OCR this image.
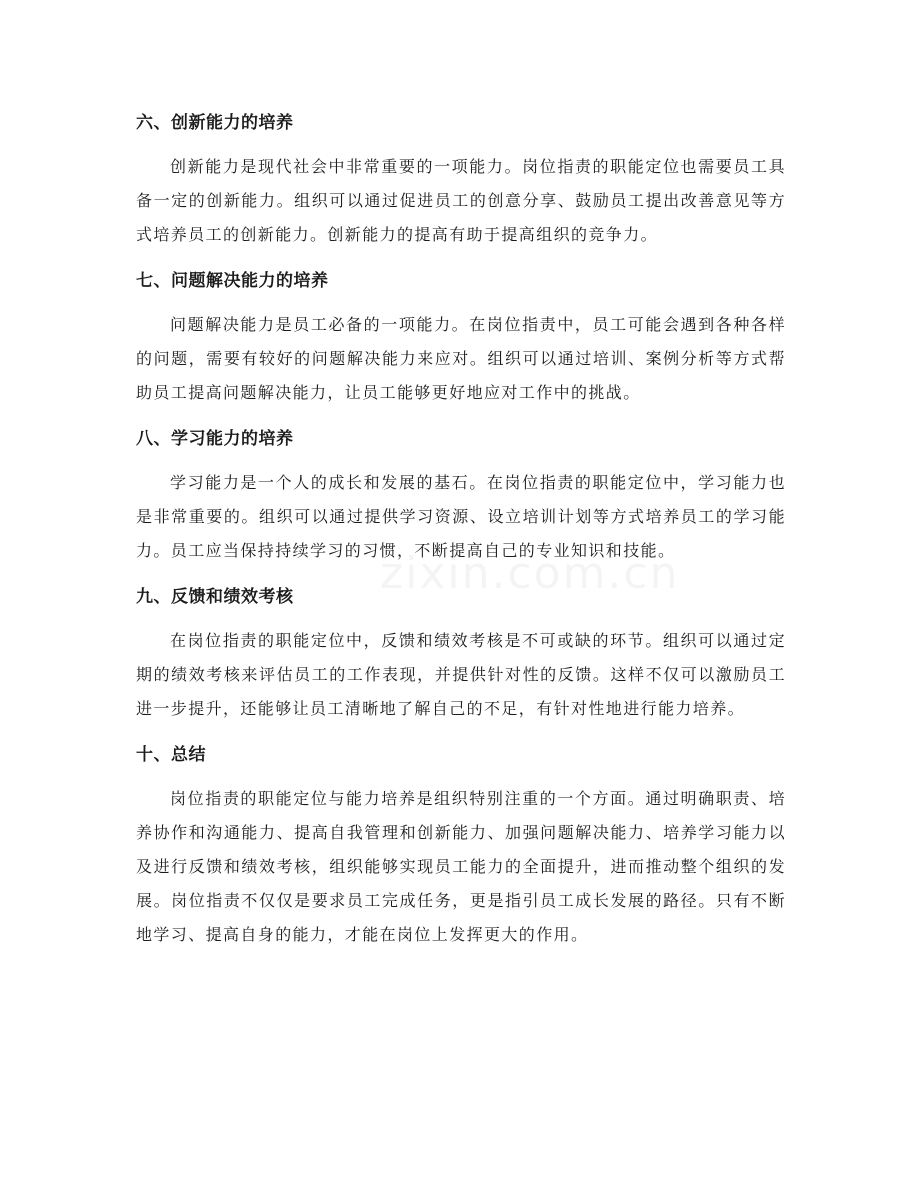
六、创新能力的培养

创新能力是现代社会中非常重要的一项能力。岗位指责的职能定位也需要员工具备一定的创新能力。组织可以通过促进员工的创意分享、鼓励员工提出改善意见等方式培养员工的创新能力。创新能力的提高有助于提高组织的竞争力。

七、问题解决能力的培养

问题解决能力是员工必备的一项能力。在岗位指责中，员工可能会遇到各种各样的问题，需要有较好的问题解决能力来应对。组织可以通过培训、案例分析等方式帮助员工提高问题解决能力，让员工能够更好地应对工作中的挑战。

八、学习能力的培养

学习能力是一个人的成长和发展的基石。在岗位指责的职能定位中，学习能力也是非常重要的。组织可以通过提供学习资源、设立培训计划等方式培养员工的学习能力。员工应当保持持续学习的习惯，不断提高自己的专业知识和技能。

九、反馈和绩效考核

在岗位指责的职能定位中，反馈和绩效考核是不可或缺的环节。组织可以通过定期的绩效考核来评估员工的工作表现，并提供针对性的反馈。这样不仅可以激励员工进一步提升，还能够让员工清晰地了解自己的不足，有针对性地进行能力培养。

十、总结

岗位指责的职能定位与能力培养是组织特别注重的一个方面。通过明确职责、培养协作和沟通能力、提高自我管理和创新能力、加强问题解决能力、培养学习能力以及进行反馈和绩效考核，组织能够实现员工能力的全面提升，进而推动整个组织的发展。岗位指责不仅仅是要求员工完成任务，更是指引员工成长发展的路径。只有不断地学习、提高自身的能力，才能在岗位上发挥更大的作用。
